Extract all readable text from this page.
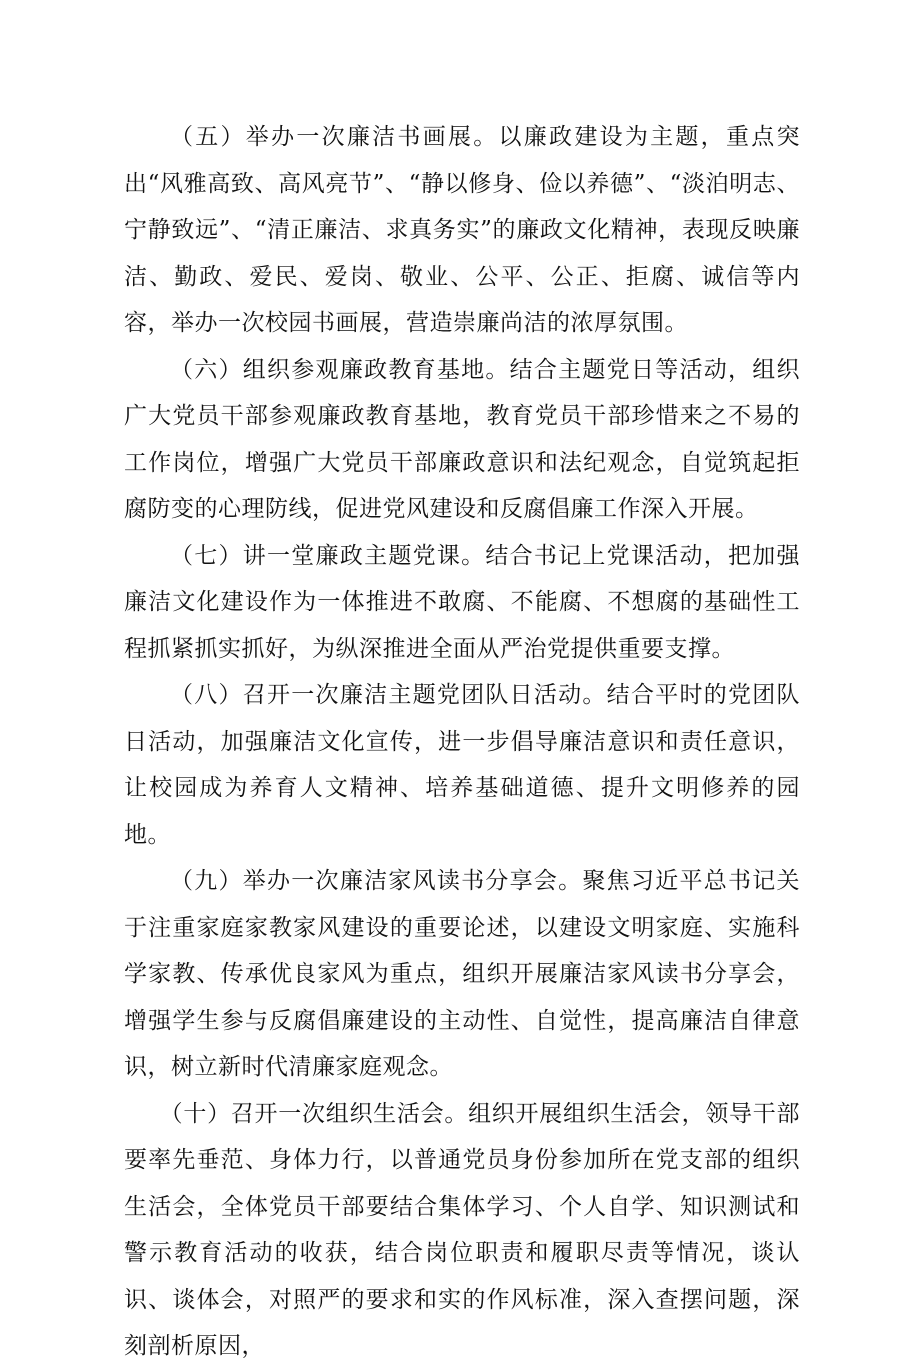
（五）举办一次廉洁书画展。以廉政建设为主题，重点突出“风雅高致、高风亮节”、“静以修身、俭以养德”、“淡泊明志、宁静致远”、“清正廉洁、求真务实”的廉政文化精神，表现反映廉洁、勤政、爱民、爱岗、敬业、公平、公正、拒腐、诚信等内容，举办一次校园书画展，营造崇廉尚洁的浓厚氛围。

（六）组织参观廉政教育基地。结合主题党日等活动，组织广大党员干部参观廉政教育基地，教育党员干部珍惜来之不易的工作岗位，增强广大党员干部廉政意识和法纪观念，自觉筑起拒腐防变的心理防线，促进党风建设和反腐倡廉工作深入开展。

（七）讲一堂廉政主题党课。结合书记上党课活动，把加强廉洁文化建设作为一体推进不敢腐、不能腐、不想腐的基础性工程抓紧抓实抓好，为纵深推进全面从严治党提供重要支撑。

（八）召开一次廉洁主题党团队日活动。结合平时的党团队日活动，加强廉洁文化宣传，进一步倡导廉洁意识和责任意识，让校园成为养育人文精神、培养基础道德、提升文明修养的园地。

（九）举办一次廉洁家风读书分享会。聚焦习近平总书记关于注重家庭家教家风建设的重要论述，以建设文明家庭、实施科学家教、传承优良家风为重点，组织开展廉洁家风读书分享会，增强学生参与反腐倡廉建设的主动性、自觉性，提高廉洁自律意识，树立新时代清廉家庭观念。

（十）召开一次组织生活会。组织开展组织生活会，领导干部要率先垂范、身体力行，以普通党员身份参加所在党支部的组织生活会，全体党员干部要结合集体学习、个人自学、知识测试和警示教育活动的收获，结合岗位职责和履职尽责等情况，谈认识、谈体会，对照严的要求和实的作风标准，深入查摆问题，深刻剖析原因，
